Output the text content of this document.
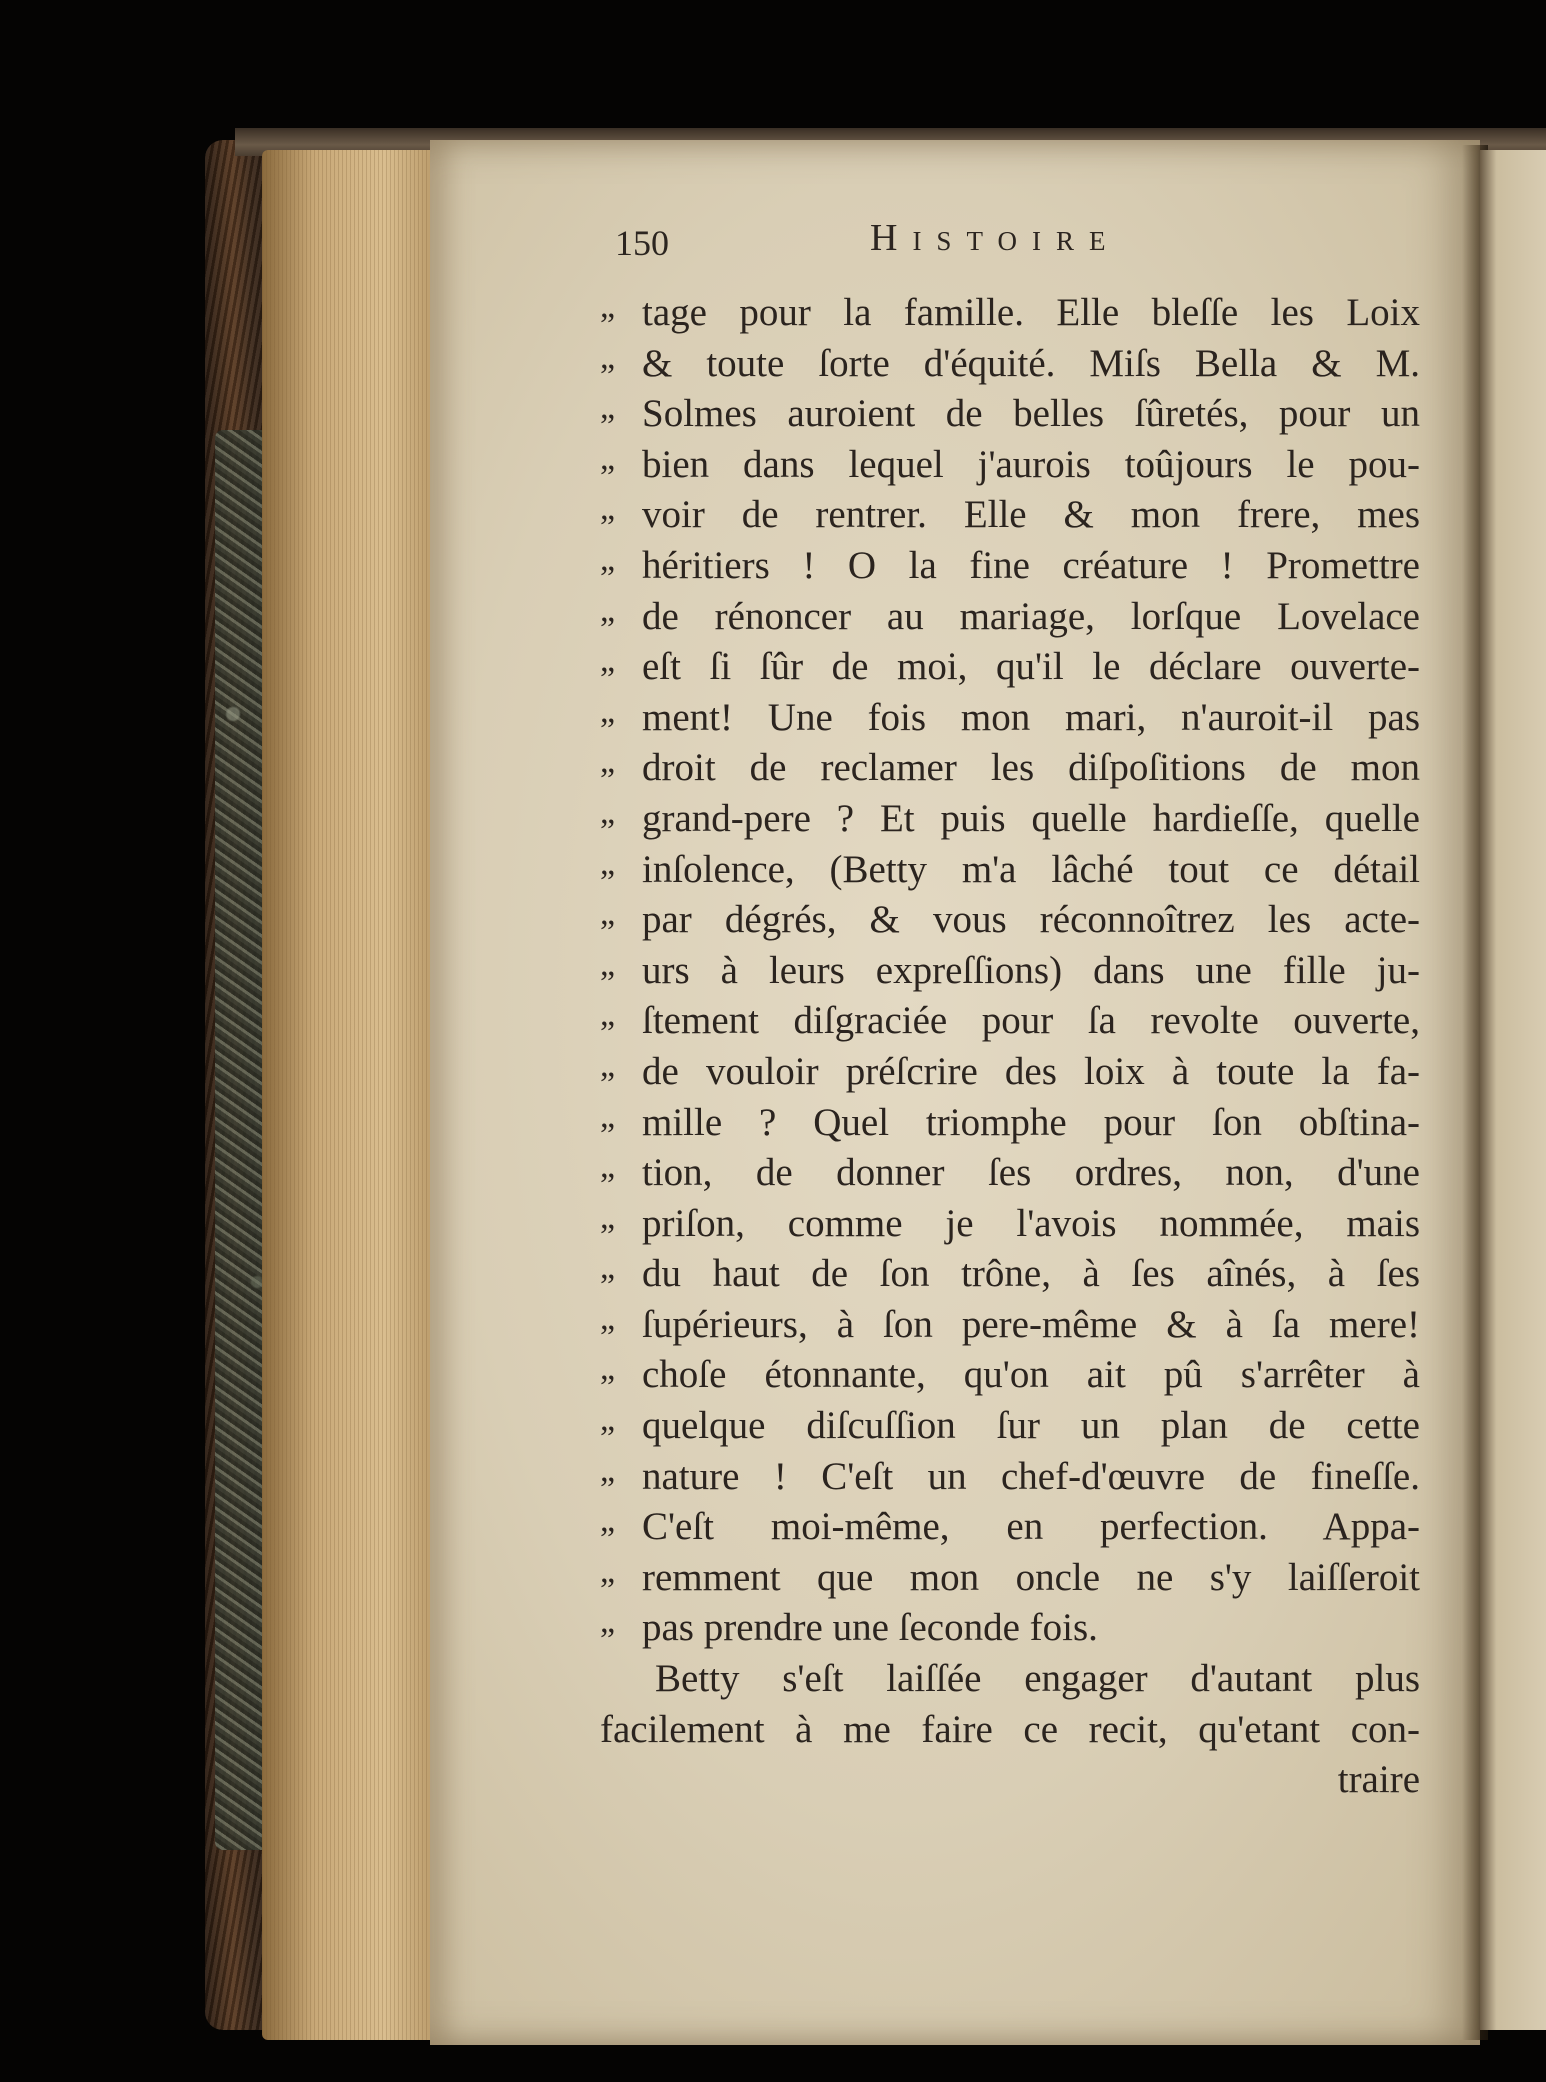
150	Histoire
„ tage pour la famille. Elle bleſſe les Loix
„ & toute ſorte d'équité. Miſs Bella & M.
„ Solmes auroient de belles ſûretés, pour un
„ bien dans lequel j'aurois toûjours le pou-
„ voir de rentrer. Elle & mon frere, mes
„ héritiers ! O la fine créature ! Promettre
„ de rénoncer au mariage, lorſque Lovelace
„ eſt ſi ſûr de moi, qu'il le déclare ouverte-
„ ment! Une fois mon mari, n'auroit-il pas
„ droit de reclamer les diſpoſitions de mon
„ grand-pere ? Et puis quelle hardieſſe, quelle
„ inſolence, (Betty m'a lâché tout ce détail
„ par dégrés, & vous réconnoîtrez les acte-
„ urs à leurs expreſſions) dans une fille ju-
„ ſtement diſgraciée pour ſa revolte ouverte,
„ de vouloir préſcrire des loix à toute la fa-
„ mille ? Quel triomphe pour ſon obſtina-
„ tion, de donner ſes ordres, non, d'une
„ priſon, comme je l'avois nommée, mais
„ du haut de ſon trône, à ſes aînés, à ſes
„ ſupérieurs, à ſon pere-même & à ſa mere!
„ choſe étonnante, qu'on ait pû s'arrêter à
„ quelque diſcuſſion ſur un plan de cette
„ nature ! C'eſt un chef-d'œuvre de fineſſe.
„ C'eſt moi-même, en perfection. Appa-
„ remment que mon oncle ne s'y laiſſeroit
„ pas prendre une ſeconde fois.
Betty s'eſt laiſſée engager d'autant plus
facilement à me faire ce recit, qu'etant con-
traire
